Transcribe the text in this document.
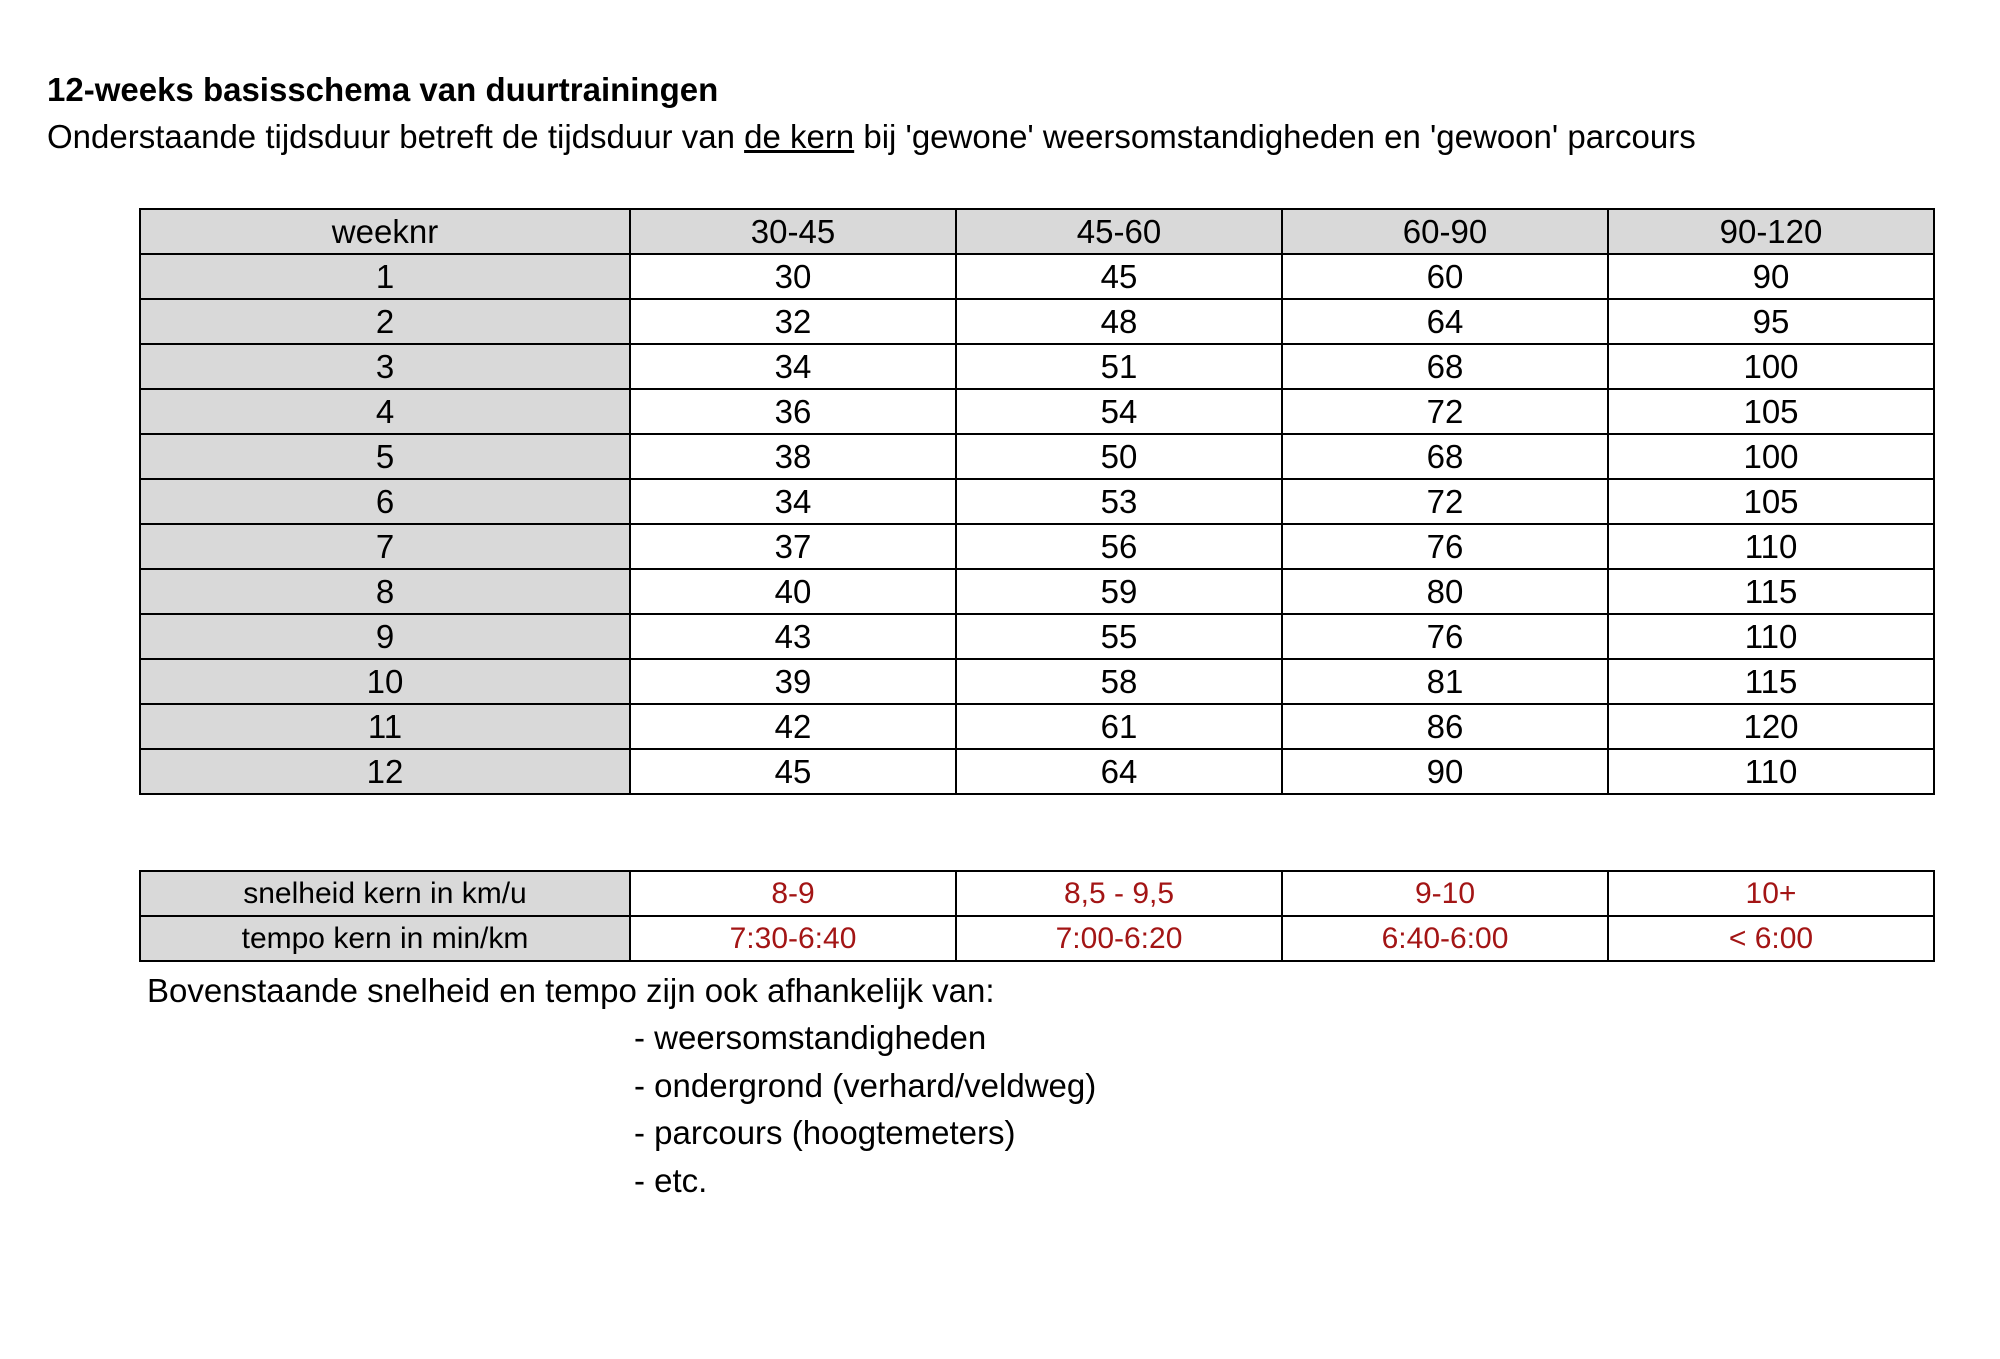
12-weeks basisschema van duurtrainingen

Onderstaande tijdsduur betreft de tijdsduur van de kern bij 'gewone' weersomstandigheden en 'gewoon' parcours

weeknr	30-45	45-60	60-90	90-120
1	30	45	60	90
2	32	48	64	95
3	34	51	68	100
4	36	54	72	105
5	38	50	68	100
6	34	53	72	105
7	37	56	76	110
8	40	59	80	115
9	43	55	76	110
10	39	58	81	115
11	42	61	86	120
12	45	64	90	110
snelheid kern in km/u	8-9	8,5 - 9,5	9-10	10+
tempo kern in min/km	7:30-6:40	7:00-6:20	6:40-6:00	< 6:00

Bovenstaande snelheid en tempo zijn ook afhankelijk van:

- weersomstandigheden
- ondergrond (verhard/veldweg)
- parcours (hoogtemeters)
- etc.
